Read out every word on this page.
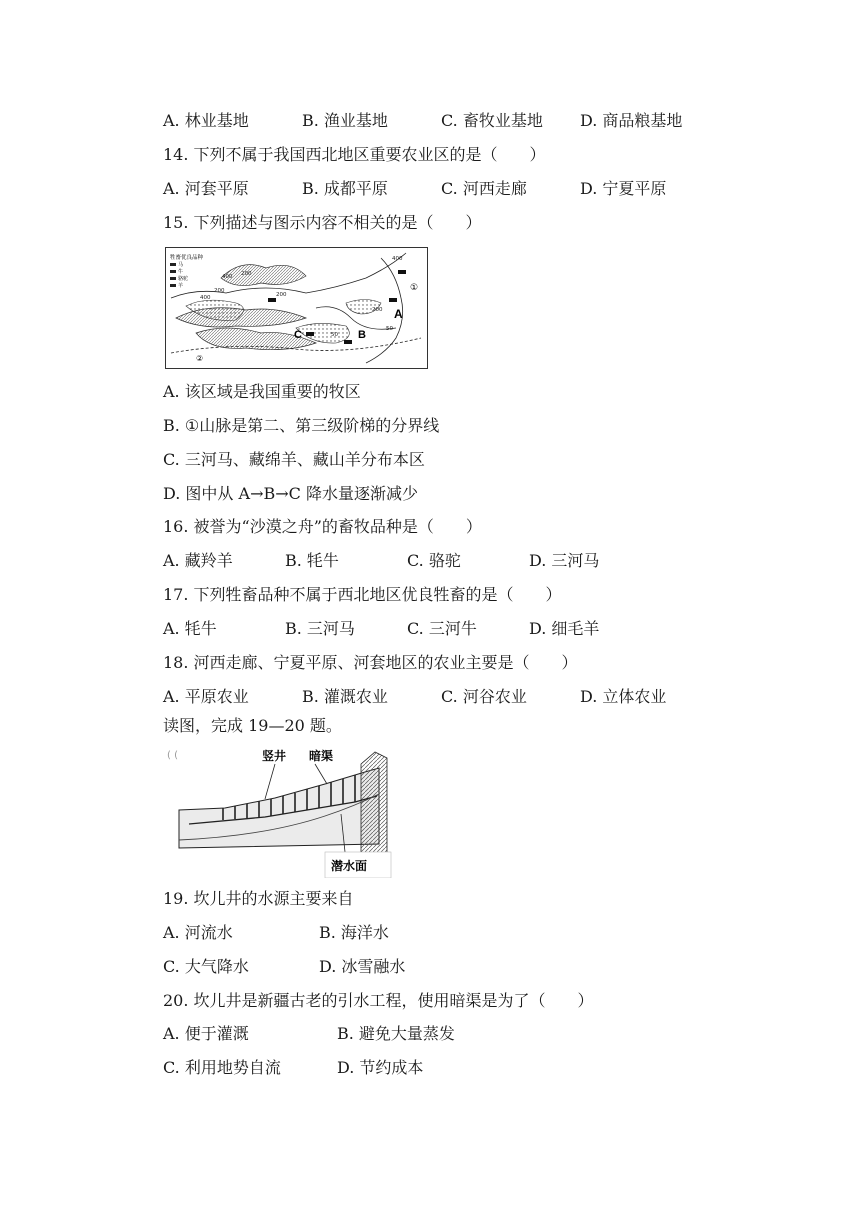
A. 林业基地	B. 渔业基地	C. 畜牧业基地 D. 商品粮基地
14. 下列不属于我国西北地区重要农业区的是（　　）
A. 河套平原	B. 成都平原	C. 河西走廊	D. 宁夏平原
15. 下列描述与图示内容不相关的是（　　）
牲畜优良品种
马
牛
骆驼
羊
400 200
200
400	200
400
50
200
50
C	B
A
①
②
A. 该区域是我国重要的牧区
B. ①山脉是第二、第三级阶梯的分界线
C. 三河马、藏绵羊、藏山羊分布本区
D. 图中从 A→B→C 降水量逐渐减少
16. 被誉为“沙漠之舟”的畜牧品种是（　　）
A. 藏羚羊	B. 牦牛	C. 骆驼	D. 三河马
17. 下列牲畜品种不属于西北地区优良牲畜的是（　　）
A. 牦牛	B. 三河马	C. 三河牛	D. 细毛羊
18. 河西走廊、宁夏平原、河套地区的农业主要是（　　）
A. 平原农业	B. 灌溉农业	C. 河谷农业	D. 立体农业
读图，完成 19—20 题。
( (	竖井 暗渠
潜水面
19. 坎儿井的水源主要来自
A. 河流水	B. 海洋水
C. 大气降水	D. 冰雪融水
20. 坎儿井是新疆古老的引水工程，使用暗渠是为了（　　）
A. 便于灌溉	B. 避免大量蒸发
C. 利用地势自流	D. 节约成本
